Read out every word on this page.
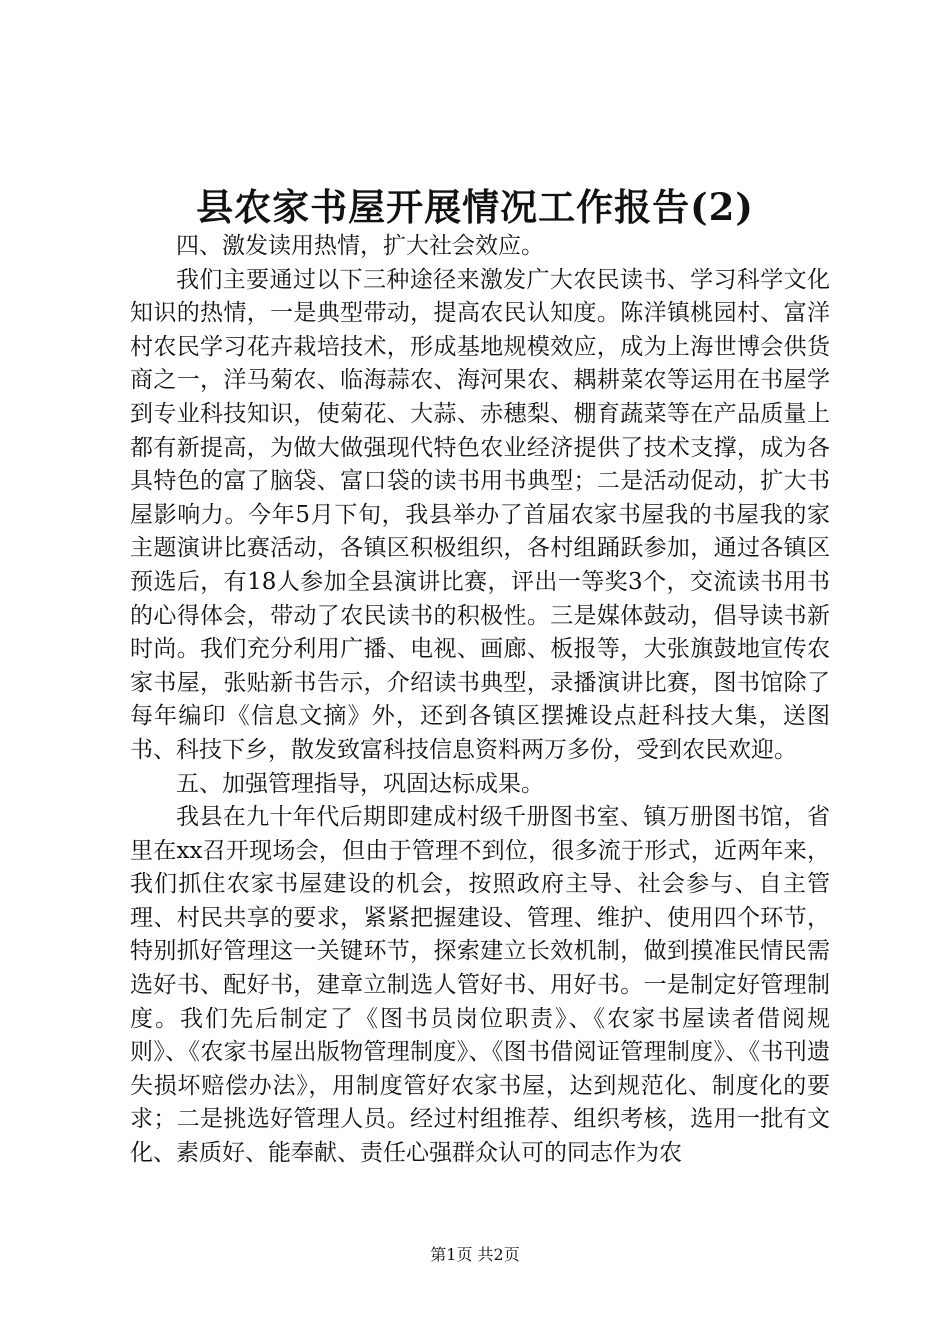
县农家书屋开展情况工作报告(2)

四、激发读用热情，扩大社会效应。

我们主要通过以下三种途径来激发广大农民读书、学习科学文化知识的热情，一是典型带动，提高农民认知度。陈洋镇桃园村、富洋村农民学习花卉栽培技术，形成基地规模效应，成为上海世博会供货商之一，洋马菊农、临海蒜农、海河果农、耦耕菜农等运用在书屋学到专业科技知识，使菊花、大蒜、赤穗梨、棚育蔬菜等在产品质量上都有新提高，为做大做强现代特色农业经济提供了技术支撑，成为各具特色的富了脑袋、富口袋的读书用书典型；二是活动促动，扩大书屋影响力。今年5月下旬，我县举办了首届农家书屋我的书屋我的家主题演讲比赛活动，各镇区积极组织，各村组踊跃参加，通过各镇区预选后，有18人参加全县演讲比赛，评出一等奖3个，交流读书用书的心得体会，带动了农民读书的积极性。三是媒体鼓动，倡导读书新时尚。我们充分利用广播、电视、画廊、板报等，大张旗鼓地宣传农家书屋，张贴新书告示，介绍读书典型，录播演讲比赛，图书馆除了每年编印《信息文摘》外，还到各镇区摆摊设点赶科技大集，送图书、科技下乡，散发致富科技信息资料两万多份，受到农民欢迎。

五、加强管理指导，巩固达标成果。

我县在九十年代后期即建成村级千册图书室、镇万册图书馆，省里在xx召开现场会，但由于管理不到位，很多流于形式，近两年来，我们抓住农家书屋建设的机会，按照政府主导、社会参与、自主管理、村民共享的要求，紧紧把握建设、管理、维护、使用四个环节，特别抓好管理这一关键环节，探索建立长效机制，做到摸准民情民需选好书、配好书，建章立制选人管好书、用好书。一是制定好管理制度。我们先后制定了《图书员岗位职责》、《农家书屋读者借阅规则》、《农家书屋出版物管理制度》、《图书借阅证管理制度》、《书刊遗失损坏赔偿办法》，用制度管好农家书屋，达到规范化、制度化的要求；二是挑选好管理人员。经过村组推荐、组织考核，选用一批有文化、素质好、能奉献、责任心强群众认可的同志作为农

第1页 共2页
